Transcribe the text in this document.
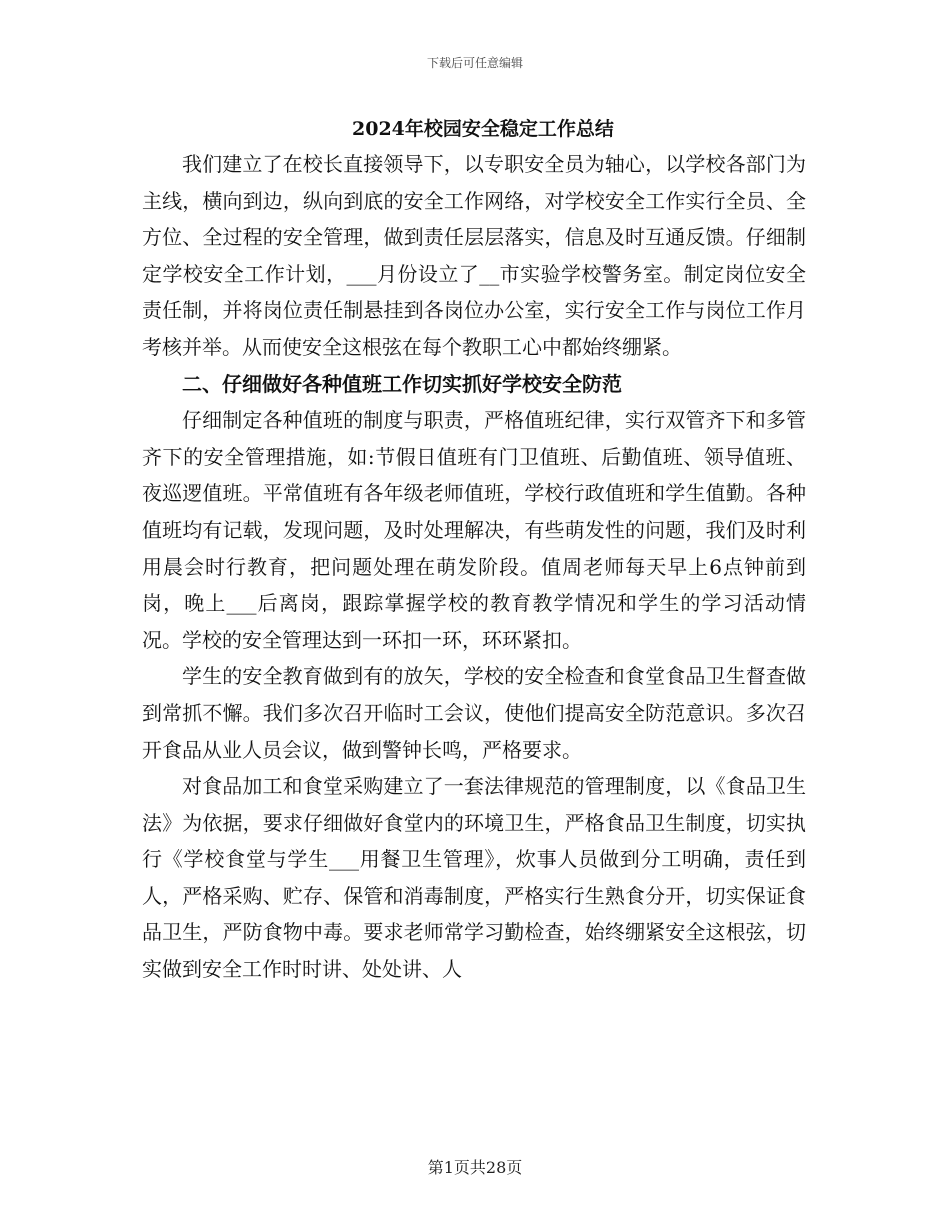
下载后可任意编辑
2024年校园安全稳定工作总结

我们建立了在校长直接领导下，以专职安全员为轴心，以学校各部门为主线，横向到边，纵向到底的安全工作网络，对学校安全工作实行全员、全方位、全过程的安全管理，做到责任层层落实，信息及时互通反馈。仔细制定学校安全工作计划，___月份设立了__市实验学校警务室。制定岗位安全责任制，并将岗位责任制悬挂到各岗位办公室，实行安全工作与岗位工作月考核并举。从而使安全这根弦在每个教职工心中都始终绷紧。

二、仔细做好各种值班工作切实抓好学校安全防范

仔细制定各种值班的制度与职责，严格值班纪律，实行双管齐下和多管齐下的安全管理措施，如:节假日值班有门卫值班、后勤值班、领导值班、夜巡逻值班。平常值班有各年级老师值班，学校行政值班和学生值勤。各种值班均有记载，发现问题，及时处理解决，有些萌发性的问题，我们及时利用晨会时行教育，把问题处理在萌发阶段。值周老师每天早上6点钟前到岗，晚上___后离岗，跟踪掌握学校的教育教学情况和学生的学习活动情况。学校的安全管理达到一环扣一环，环环紧扣。

学生的安全教育做到有的放矢，学校的安全检查和食堂食品卫生督查做到常抓不懈。我们多次召开临时工会议，使他们提高安全防范意识。多次召开食品从业人员会议，做到警钟长鸣，严格要求。

对食品加工和食堂采购建立了一套法律规范的管理制度，以《食品卫生法》为依据，要求仔细做好食堂内的环境卫生，严格食品卫生制度，切实执行《学校食堂与学生___用餐卫生管理》，炊事人员做到分工明确，责任到人，严格采购、贮存、保管和消毒制度，严格实行生熟食分开，切实保证食品卫生，严防食物中毒。要求老师常学习勤检查，始终绷紧安全这根弦，切实做到安全工作时时讲、处处讲、人

第1页共28页
